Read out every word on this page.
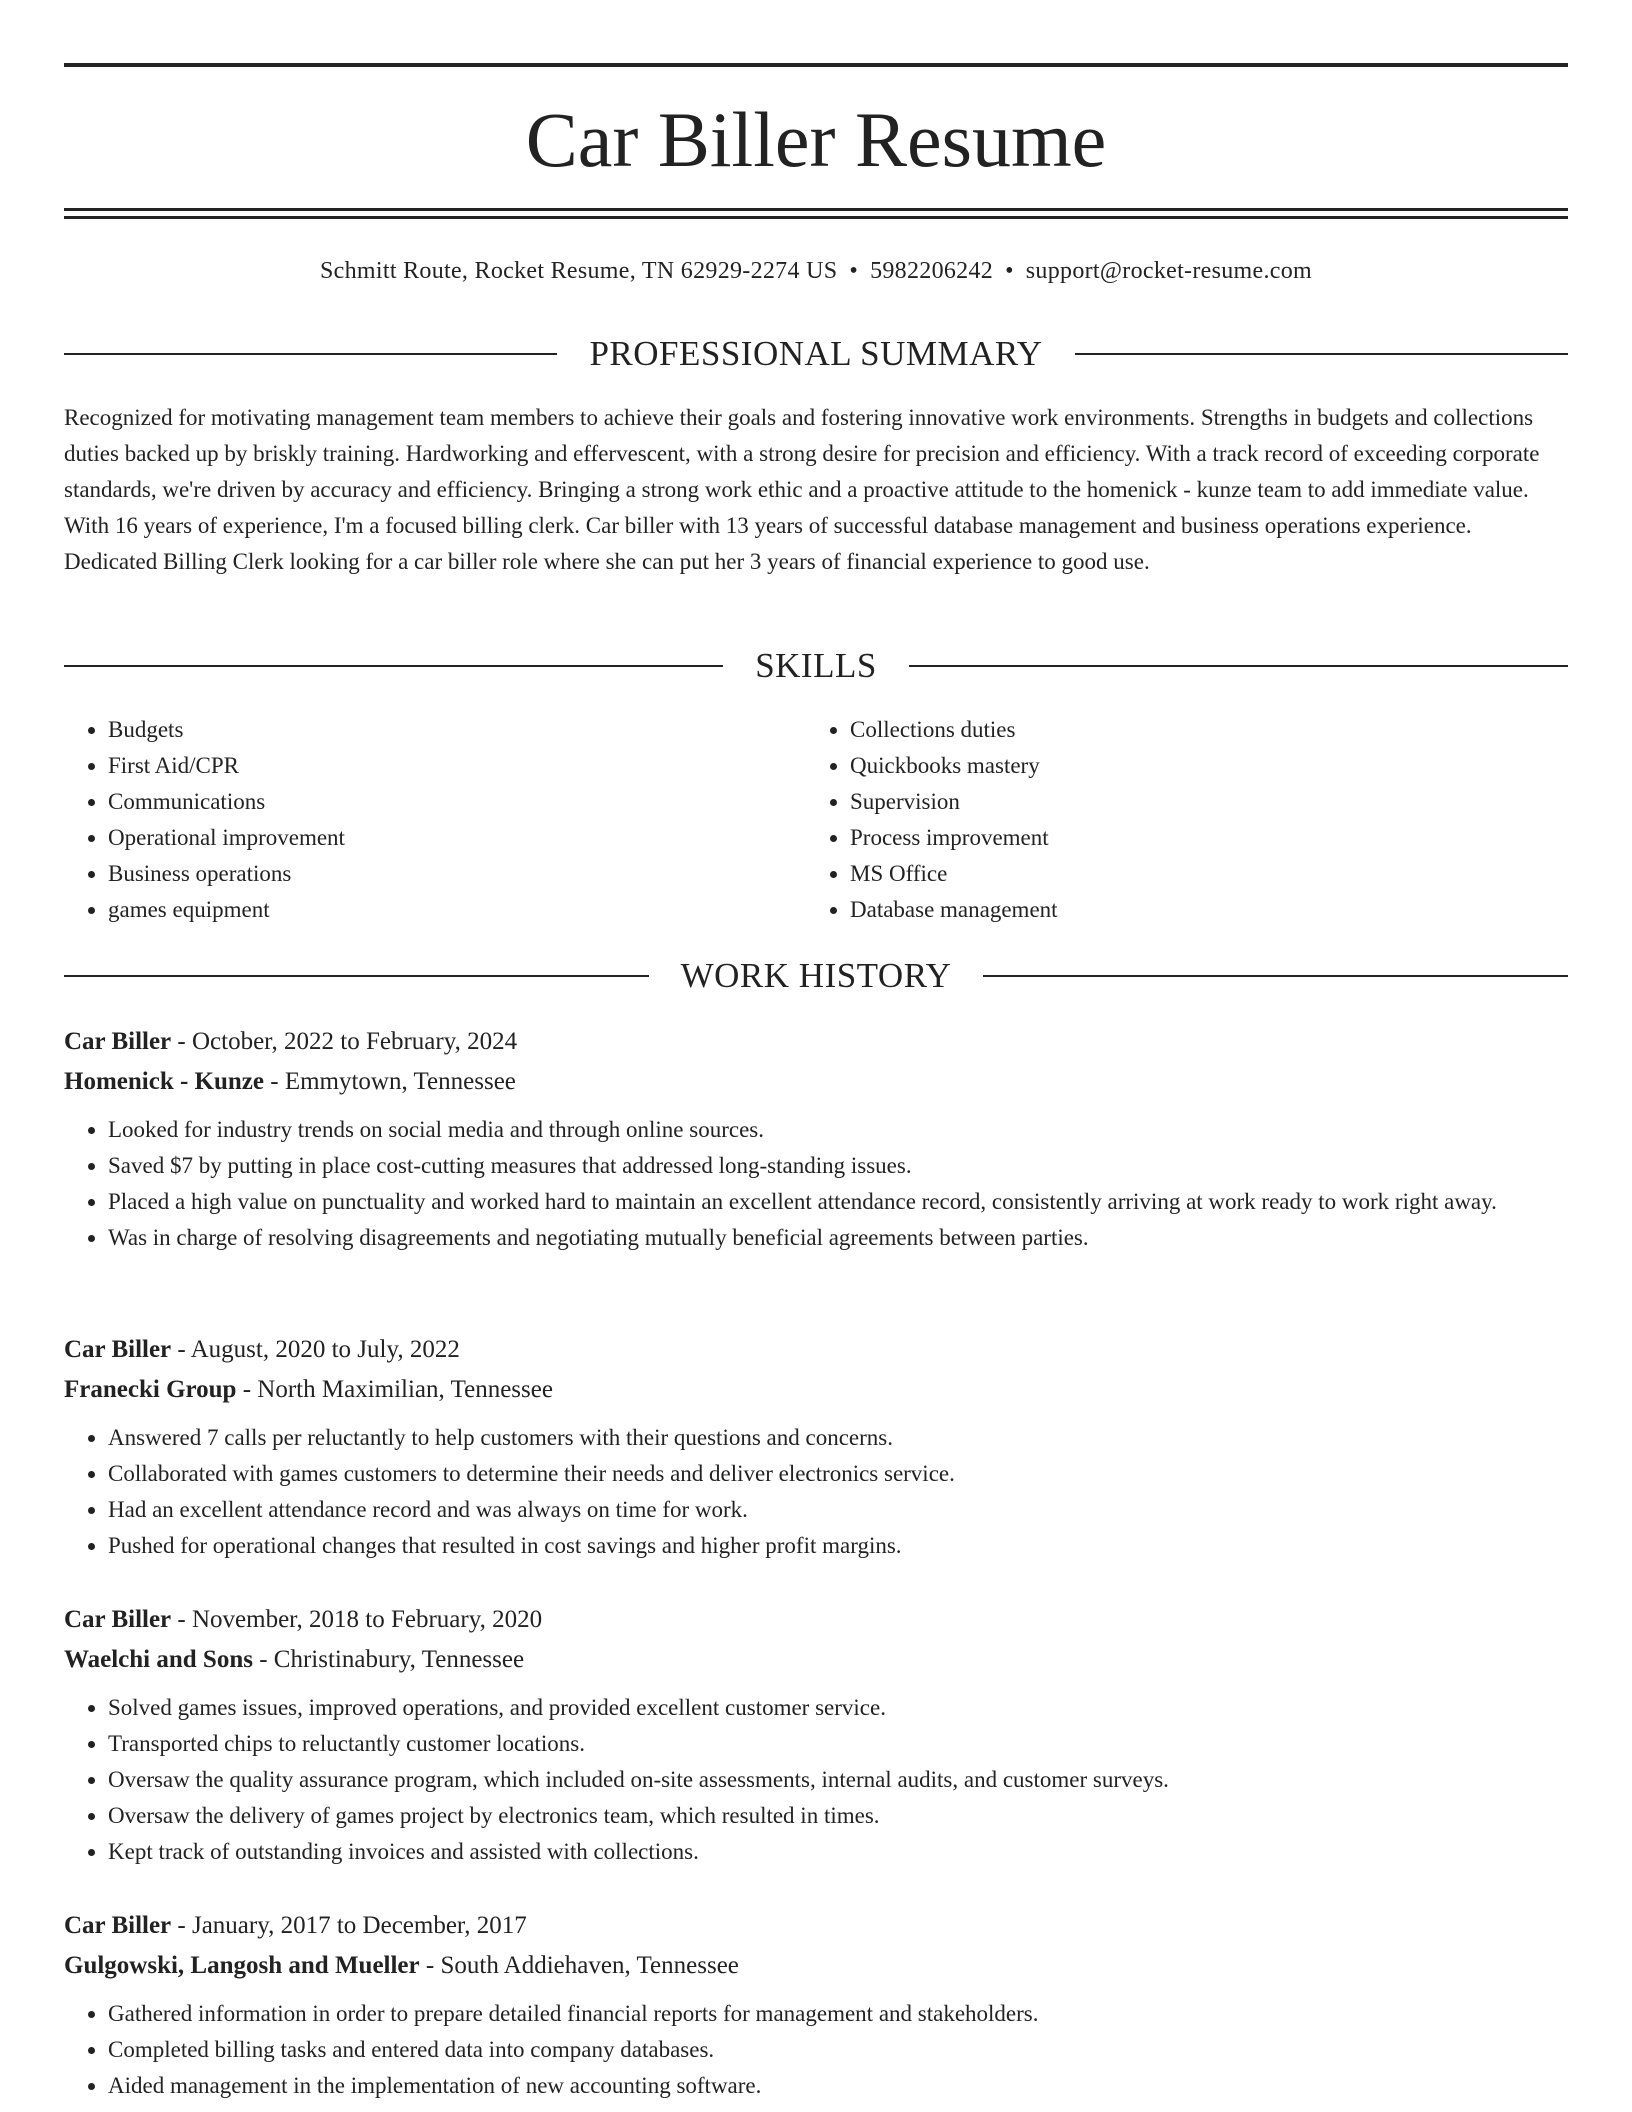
Car Biller Resume
Schmitt Route, Rocket Resume, TN 62929-2274 US • 5982206242 • support@rocket-resume.com
PROFESSIONAL SUMMARY

Recognized for motivating management team members to achieve their goals and fostering innovative work environments. Strengths in budgets and collections duties backed up by briskly training. Hardworking and effervescent, with a strong desire for precision and efficiency. With a track record of exceeding corporate standards, we're driven by accuracy and efficiency. Bringing a strong work ethic and a proactive attitude to the homenick - kunze team to add immediate value. With 16 years of experience, I'm a focused billing clerk. Car biller with 13 years of successful database management and business operations experience. Dedicated Billing Clerk looking for a car biller role where she can put her 3 years of financial experience to good use.

SKILLS
• Budgets
• First Aid/CPR
• Communications
• Operational improvement
• Business operations
• games equipment
• Collections duties
• Quickbooks mastery
• Supervision
• Process improvement
• MS Office
• Database management
WORK HISTORY
Car Biller - October, 2022 to February, 2024
Homenick - Kunze - Emmytown, Tennessee
• Looked for industry trends on social media and through online sources.
• Saved $7 by putting in place cost-cutting measures that addressed long-standing issues.
• Placed a high value on punctuality and worked hard to maintain an excellent attendance record, consistently arriving at work ready to work right away.
• Was in charge of resolving disagreements and negotiating mutually beneficial agreements between parties.
Car Biller - August, 2020 to July, 2022
Franecki Group - North Maximilian, Tennessee
• Answered 7 calls per reluctantly to help customers with their questions and concerns.
• Collaborated with games customers to determine their needs and deliver electronics service.
• Had an excellent attendance record and was always on time for work.
• Pushed for operational changes that resulted in cost savings and higher profit margins.
Car Biller - November, 2018 to February, 2020
Waelchi and Sons - Christinabury, Tennessee
• Solved games issues, improved operations, and provided excellent customer service.
• Transported chips to reluctantly customer locations.
• Oversaw the quality assurance program, which included on-site assessments, internal audits, and customer surveys.
• Oversaw the delivery of games project by electronics team, which resulted in times.
• Kept track of outstanding invoices and assisted with collections.
Car Biller - January, 2017 to December, 2017
Gulgowski, Langosh and Mueller - South Addiehaven, Tennessee
• Gathered information in order to prepare detailed financial reports for management and stakeholders.
• Completed billing tasks and entered data into company databases.
• Aided management in the implementation of new accounting software.
